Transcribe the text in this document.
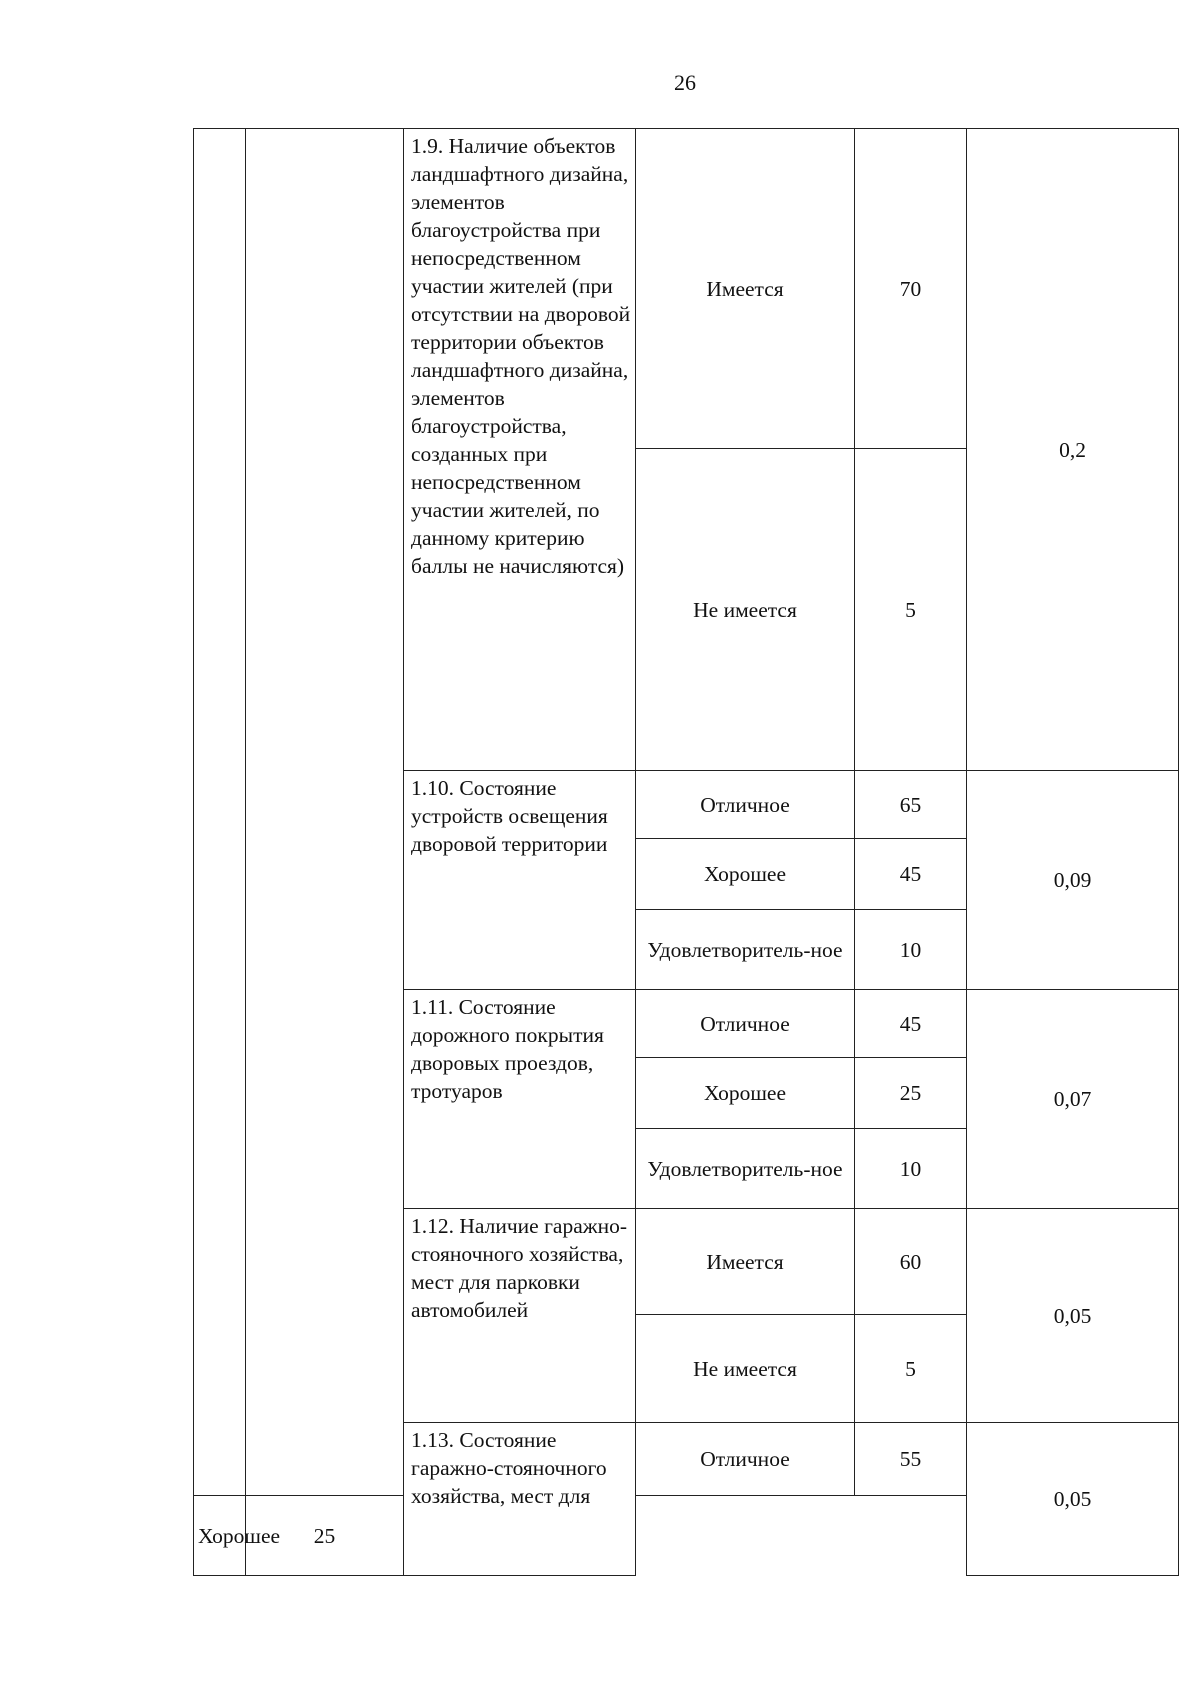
26
		1.9. Наличие объектов ландшафтного дизайна, элементов благоустройства при непосредственном участии жителей (при отсутствии на дворовой территории объектов ландшафтного дизайна, элементов благоустройства, созданных при непосредственном участии жителей, по данному критерию баллы не начисляются)	Имеется	70	0,2
			Не имеется	5	
		1.10. Состояние устройств освещения дворовой территории	Отличное	65	0,09
			Хорошее	45	
			Удовлетворитель-ное	10	
		1.11. Состояние дорожного покрытия дворовых проездов, тротуаров	Отличное	45	0,07
			Хорошее	25	
			Удовлетворитель-ное	10	
		1.12. Наличие гаражно-стояночного хозяйства, мест для парковки автомобилей	Имеется	60	0,05
			Не имеется	5	
		1.13. Состояние гаражно-стояночного хозяйства, мест для	Отличное	55	0,05
Хорошее	25				
